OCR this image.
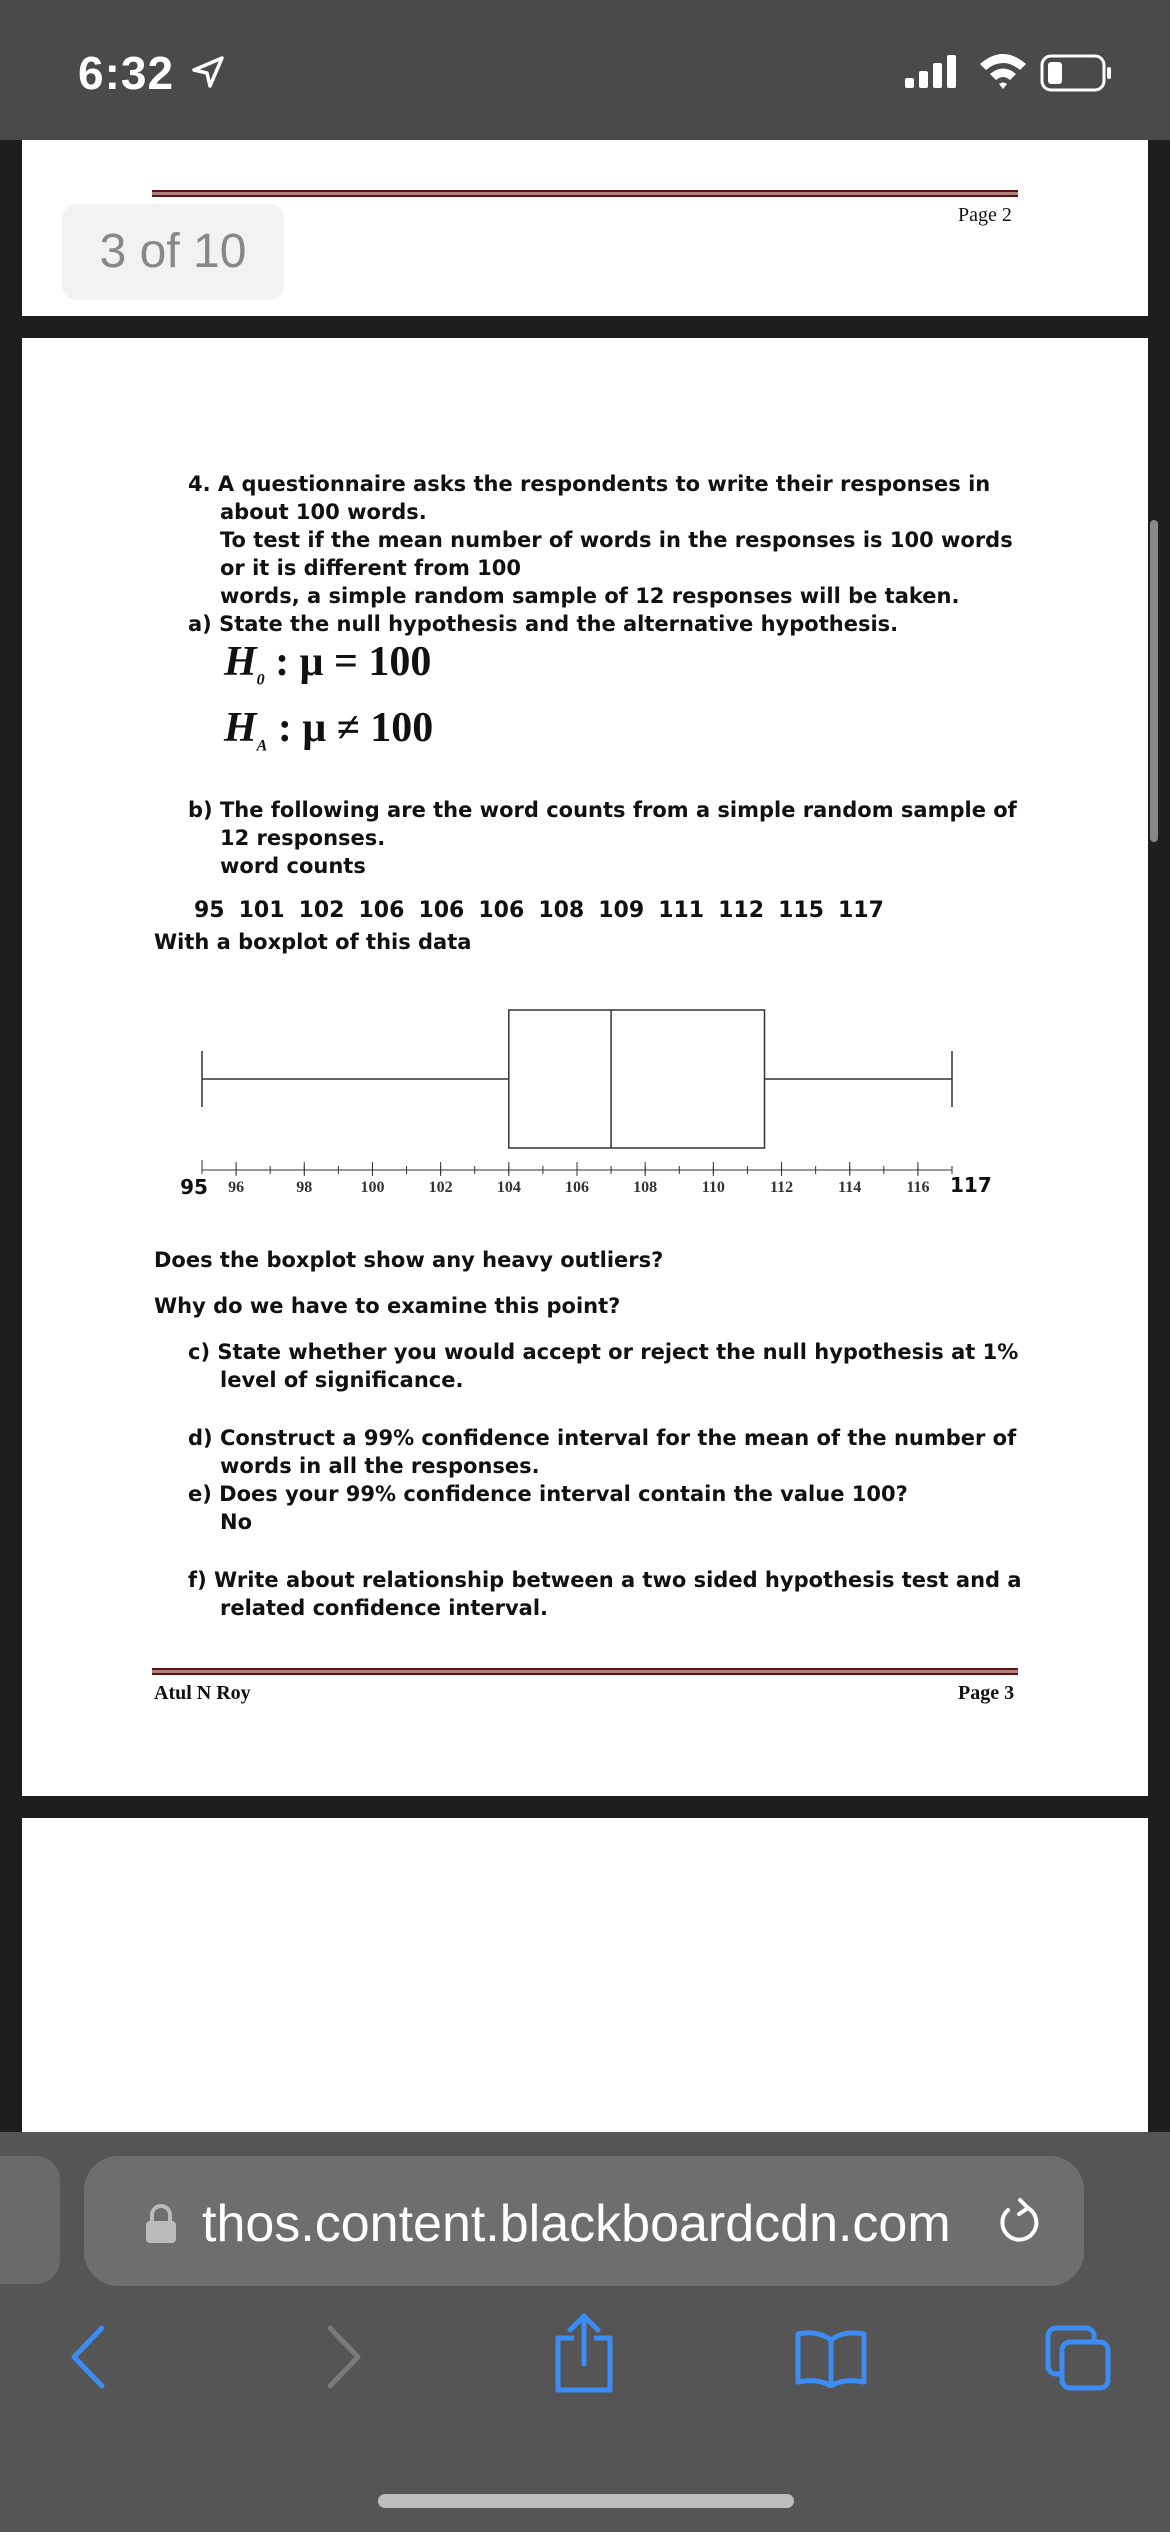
6:32
Page 2
3 of 10
4. A questionnaire asks the respondents to write their responses in
about 100 words.
To test if the mean number of words in the responses is 100 words
or it is different from 100
words, a simple random sample of 12 responses will be taken.
a) State the null hypothesis and the alternative hypothesis.
$H_0$ : μ = 100
$H_A$ : μ ≠ 100
b) The following are the word counts from a simple random sample of
12 responses.
word counts
95 101 102 106 106 106 108 109 111 112 115 117
With a boxplot of this data
96	98	100	102	104	106	108	110	112	114	116
95	117
Does the boxplot show any heavy outliers?
Why do we have to examine this point?
c) State whether you would accept or reject the null hypothesis at 1%
level of significance.
d) Construct a 99% confidence interval for the mean of the number of
words in all the responses.
e) Does your 99% confidence interval contain the value 100?
No
f) Write about relationship between a two sided hypothesis test and a
related confidence interval.
Atul N Roy	Page 3
thos.content.blackboardcdn.com
